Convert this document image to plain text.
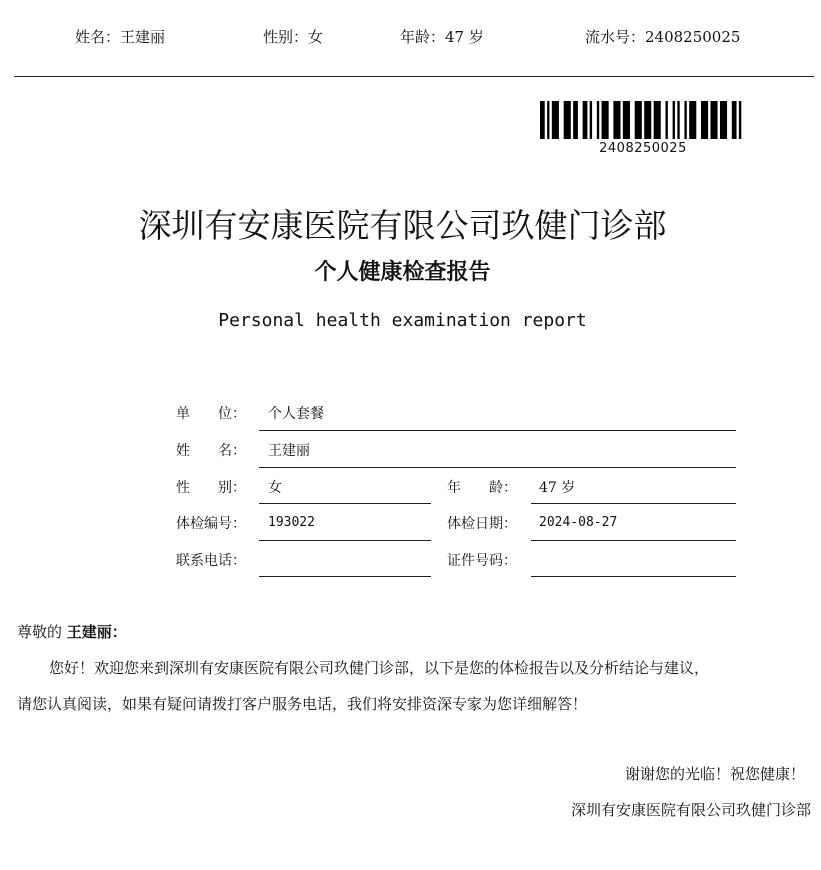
姓名：王建丽	性别：女	年龄：47 岁	流水号：2408250025
2408250025
深圳有安康医院有限公司玖健门诊部
个人健康检查报告
Personal health examination report
单　　位： 个人套餐
姓　　名： 王建丽
性　　别： 女	年　　龄： 47 岁
体检编号： 193022	体检日期： 2024-08-27
联系电话：	证件号码：
尊敬的 王建丽：
您好！欢迎您来到深圳有安康医院有限公司玖健门诊部，以下是您的体检报告以及分析结论与建议，
请您认真阅读，如果有疑问请拨打客户服务电话，我们将安排资深专家为您详细解答！
谢谢您的光临！祝您健康！
深圳有安康医院有限公司玖健门诊部
